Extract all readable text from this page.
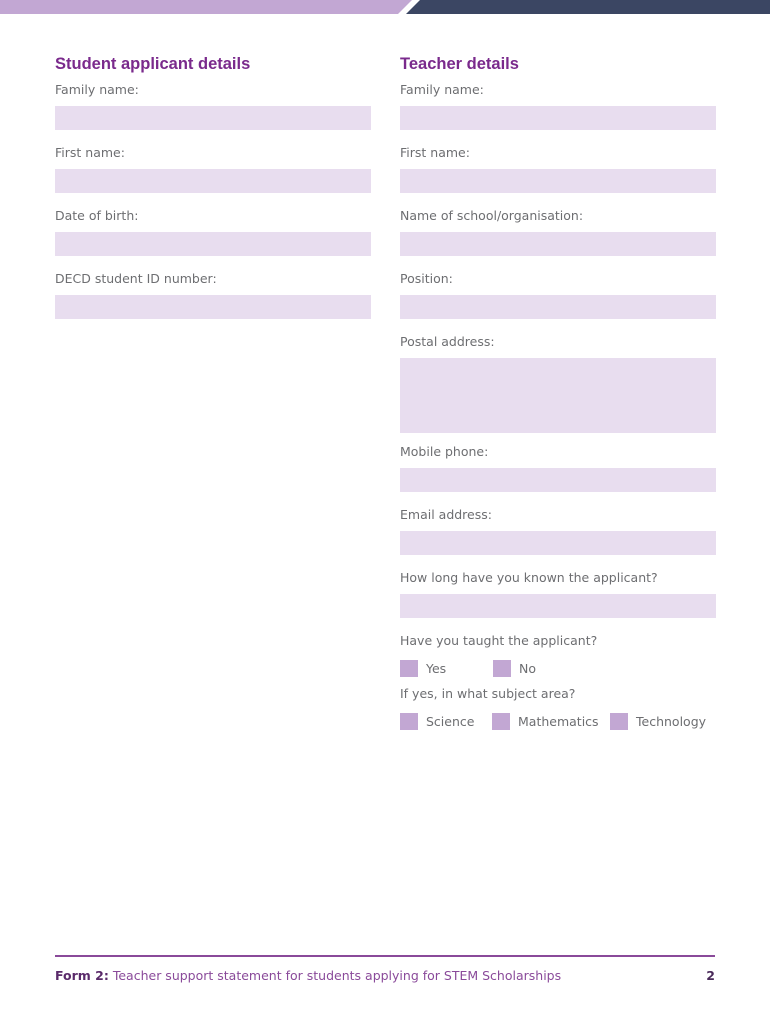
Student applicant details
Family name:
First name:
Date of birth:
DECD student ID number:
Teacher details
Family name:
First name:
Name of school/organisation:
Position:
Postal address:
Mobile phone:
Email address:
How long have you known the applicant?
Have you taught the applicant?
Yes	No
If yes, in what subject area?
Science	Mathematics	Technology
Form 2: Teacher support statement for students applying for STEM Scholarships	2
